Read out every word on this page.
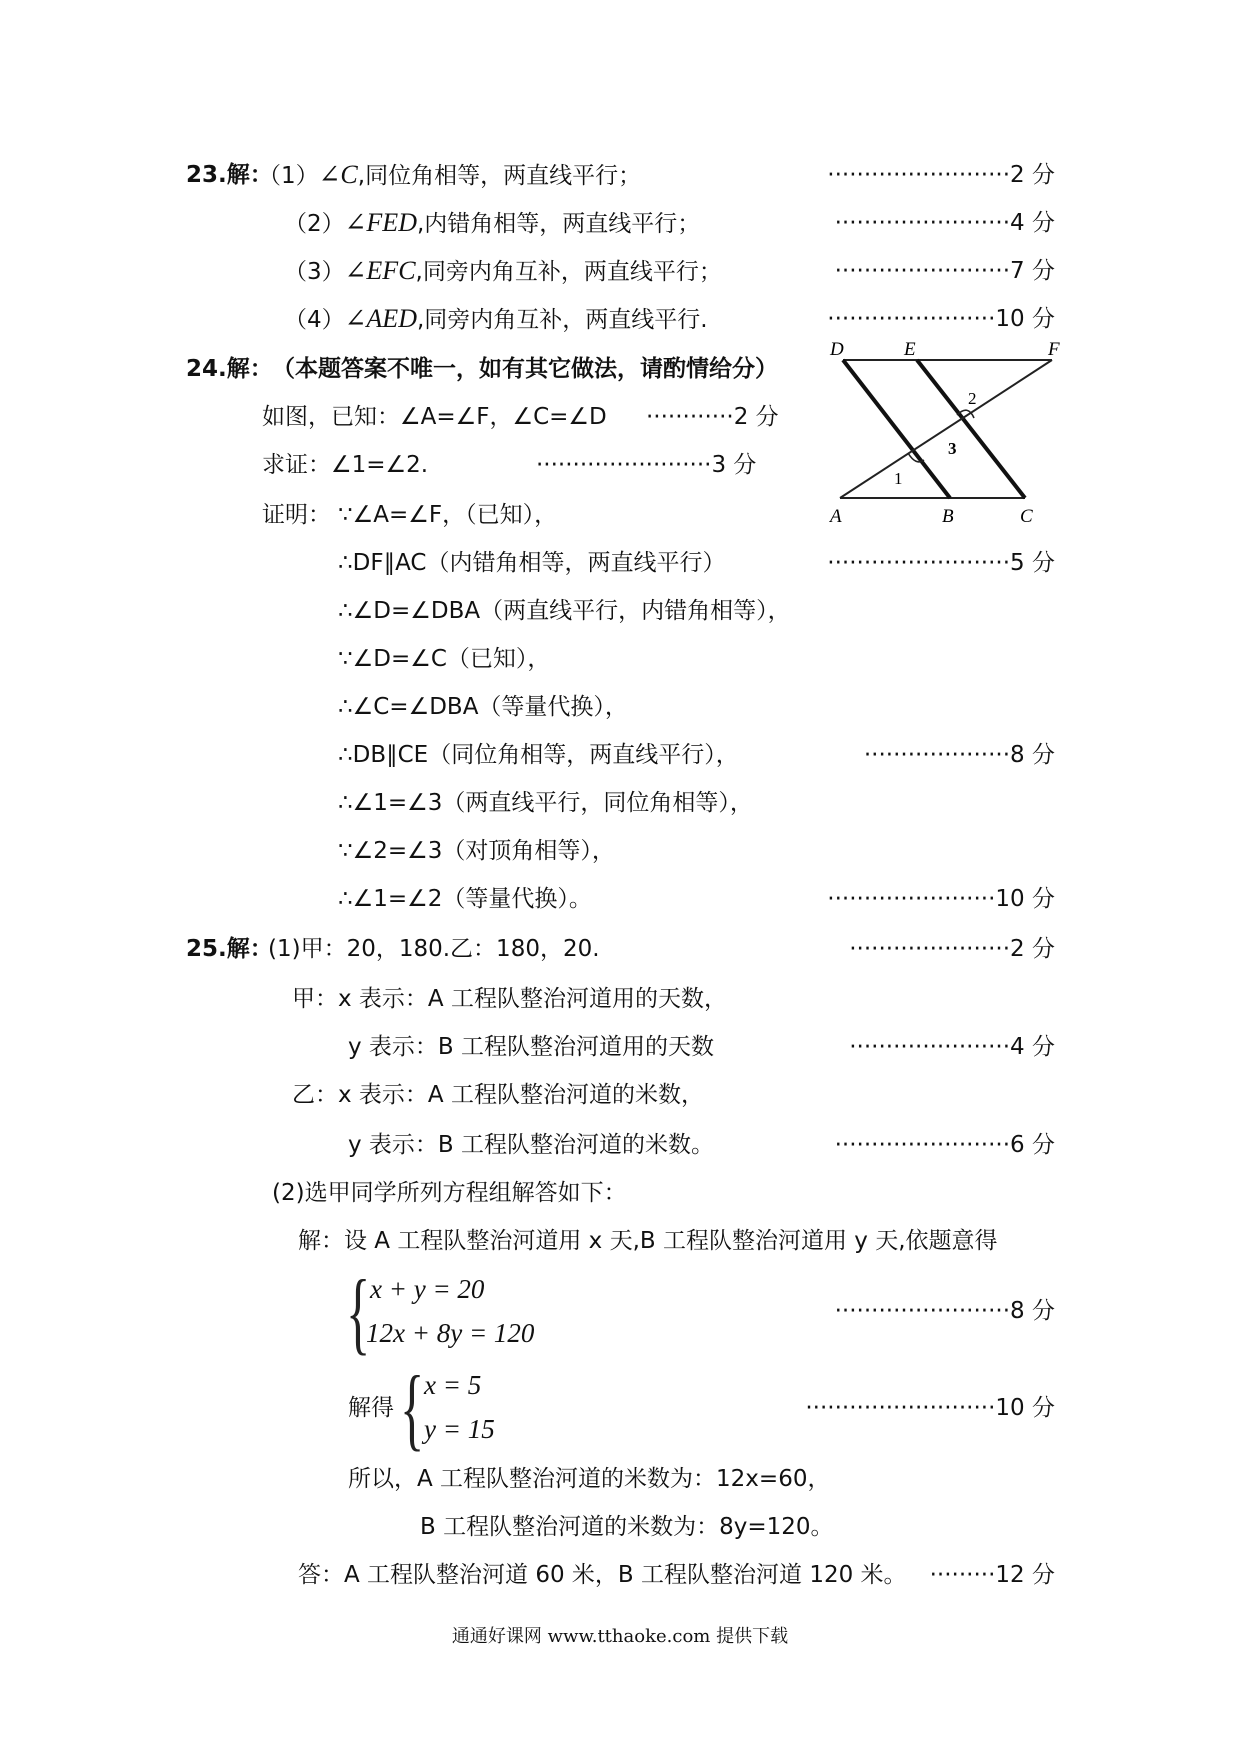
23.解：
（1）∠C,同位角相等，两直线平行；	·························2 分
（2）∠FED,内错角相等，两直线平行；	························4 分
（3）∠EFC,同旁内角互补，两直线平行；	························7 分
（4）∠AED,同旁内角互补，两直线平行.	·······················10 分
24.解： （本题答案不唯一，如有其它做法，请酌情给分）
如图，已知：∠A=∠F，∠C=∠D ············2 分
求证：∠1=∠2.	························3 分
证明： ∵∠A=∠F，（已知），
∴DF∥AC（内错角相等，两直线平行）	·························5 分
∴∠D=∠DBA（两直线平行，内错角相等），
∵∠D=∠C（已知），
∴∠C=∠DBA（等量代换），
∴DB∥CE（同位角相等，两直线平行），	····················8 分
∴∠1=∠3（两直线平行，同位角相等），
∵∠2=∠3（对顶角相等），
∴∠1=∠2（等量代换）。	·······················10 分
D	E	F
A	B	C
1
2
3
25.解：
(1)甲：20，180.乙：180，20.	······················2 分
甲：x 表示：A 工程队整治河道用的天数，
y 表示：B 工程队整治河道用的天数	······················4 分
乙：x 表示：A 工程队整治河道的米数，
y 表示：B 工程队整治河道的米数。	························6 分
(2)选甲同学所列方程组解答如下：
解：设 A 工程队整治河道用 x 天,B 工程队整治河道用 y 天,依题意得
{ x + y = 20
12x + 8y = 120
························8 分
解得 { x = 5
y = 15
··························10 分
所以，A 工程队整治河道的米数为：12x=60，
B 工程队整治河道的米数为：8y=120。
答：A 工程队整治河道 60 米，B 工程队整治河道 120 米。 ·········12 分
通通好课网 www.tthaoke.com 提供下载
